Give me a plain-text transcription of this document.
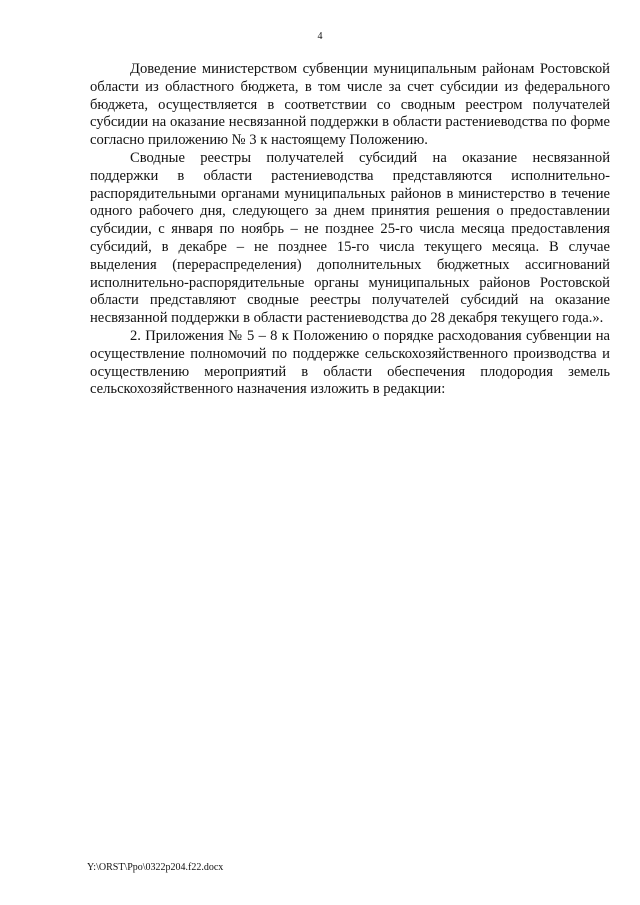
4

Доведение министерством субвенции муниципальным районам Ростовской области из областного бюджета, в том числе за счет субсидии из федерального бюджета, осуществляется в соответствии со сводным реестром получателей субсидии на оказание несвязанной поддержки в области растениеводства по форме согласно приложению № 3 к настоящему Положению.

Сводные реестры получателей субсидий на оказание несвязанной поддержки в области растениеводства представляются исполнительно-распорядительными органами муниципальных районов в министерство в течение одного рабочего дня, следующего за днем принятия решения о предоставлении субсидии, с января по ноябрь – не позднее 25-го числа месяца предоставления субсидий, в декабре – не позднее 15-го числа текущего месяца. В случае выделения (перераспределения) дополнительных бюджетных ассигнований исполнительно-распорядительные органы муниципальных районов Ростовской области представляют сводные реестры получателей субсидий на оказание несвязанной поддержки в области растениеводства до 28 декабря текущего года.».

2. Приложения № 5 – 8 к Положению о порядке расходования субвенции на осуществление полномочий по поддержке сельскохозяйственного производства и осуществлению мероприятий в области обеспечения плодородия земель сельскохозяйственного назначения изложить в редакции:

Y:\ORST\Ppo\0322p204.f22.docx
